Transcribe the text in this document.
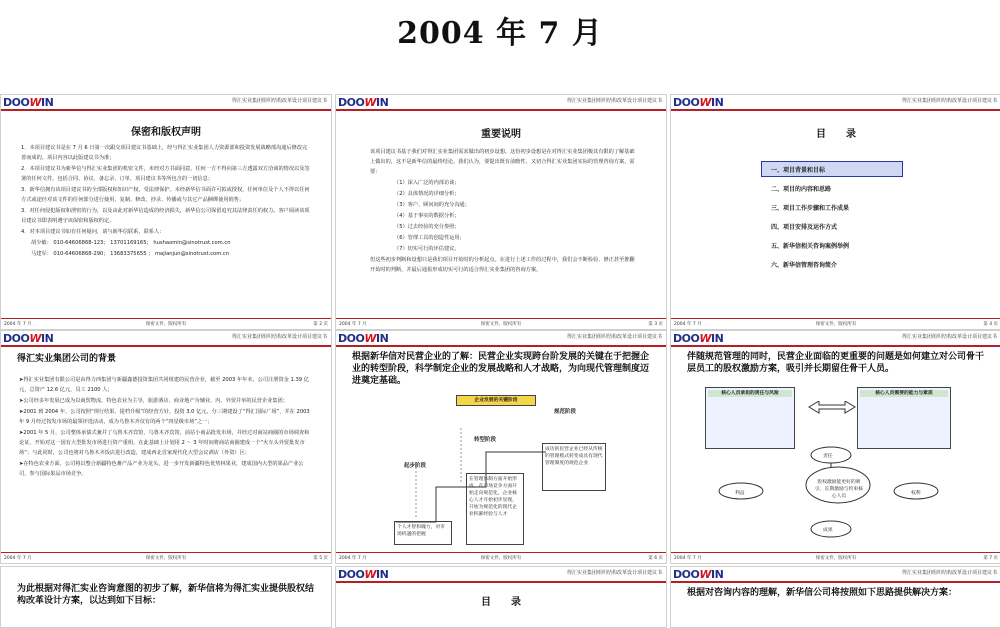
2004 年 7 月
DOOWIN	得汇实业集团组织结构改革设计项目建议书
保密和版权声明

1．本项目建议书是在 7 月 6 日第一次跟交项目建议书基础上，经与得汇实业集团人力资源部和投资发展战略部沟通后修改完善而成的。项目内容以此版建议书为准；

2．本项目建议书为新华信与得汇实业集团的机密文件，未经对方书面同意，任何一方不得向第三方透露双方洽谈的情况以及签署的任何文件，包括合同、协议、备忘录、订单，项目建议书等所包含的一切信息；

3．新华信拥有该项目建议书的全部版权和知识产权，受法律保护。未经新华信书面许可拟或授权，任何单位及个人不得以任何方式或途径对该文件的任何部分进行使用、复制、修改、抄录、传播或与其它产品捆绑使用销售；

3．对任何侵犯版权和泄密的行为，以及由此对新华信造成的经济损失，新华信公司保留追究其法律责任的权力。客户阅读该项目建议书即表明遵守该保密和版权约定。

4．对本项目建议书如有任何疑问，请与新华信联系，联系人：

胡少敏： 010-64606868-123； 13701169165； hushaomin@sinotrust.com.cn

马建军： 010-64606868-290； 13683375655 ； majianjun@sinotrust.com.cn

2004 年 7 月	保密文件，版权所有	第 2 页
DOOWIN	得汇实业集团组织结构改革设计项目建议书
重要说明

该项目建议书基于我们对得汇实业集团需求做出的初步设想。这份初步设想是在对得汇实业集团极其有限的了解基础上做出的，这不是新华信的最终结论。我们认为，要提出既有前瞻性、又切合得汇实业集团实际的管理咨询方案，需要：

（1）深入广泛的内部访谈；

（2）具体情况的详细分析；

（3）客户、顾问间的充分沟通；

（4）基于事实的数据分析；

（5）过去经验的充分参照；

（6）管理工具的创造性运用；

（7）切实可行的评估建议。

但这些初步判断和设想只是我们项目开始时的分析起点。在进行上述工作的过程中，我们会不断检验、修正甚至推翻开始时的判断，并最后通报形成切实可行的适合得汇实业集团的咨询方案。

2004 年 7 月	保密文件，版权所有	第 3 页
DOOWIN	得汇实业集团组织结构改革设计项目建议书
目　　录
一、项目背景和目标
二、项目的内容和思路
三、项目工作步骤和工作成果
四、项目安排及运作方式
五、新华信相关咨询案例举例
六、新华信管理咨询简介
2004 年 7 月	保密文件，版权所有	第 4 页
DOOWIN	得汇实业集团组织结构改革设计项目建议书
得汇实业集团公司的背景

➤得汇实业集团有限公司是由得力西集团与新疆鑫德投资集团共同组建的民营企业，截至 2003 年年末，公司注册资金 1.39 亿元，总资产 12.6 亿元，员工 2100 人；

➤公司经多年发展已成为以商贸物流、特色农业为主导，旅游酒店、商业地产为辅业，内、外贸并举的民营企业集团；

➤2001 到 2004 年，公司按照“规行结果、提档升级”的经营方针，投资 3.0 亿元，分三期建设了“得汇国际广场”，并在 2003 年 9 月经过按发市场的最领评选活动，成为乌鲁木齐仅有的两个“四星级市场”之一；

➤2001 年 5 月，公司整体承债式兼并了乌鲁木齐宾馆，乌鲁木齐宾馆，前站小商品批发市场，并经过对商站商圈的市场调查和论证，开始对这一国有大型批发市场进行资产重组，在此基础上计划用 2 ～ 3 年时间将商站商圈建成一个“火车头外贸批发市场”；与此同时，公司也将对乌鲁木齐饭店进行改造，建成西北首家现代化大型会议酒店（外资）区；

➤在特色农业方面，公司将以整合新疆特色畜产品产业为龙头，进一步开发新疆特色优势林果业，建成国内大型的果品产业公司，参与国际果品市场竞争。

2004 年 7 月	保密文件，版权所有	第 5 页
DOOWIN	得汇实业集团组织结构改革设计项目建议书
根据新华信对民营企业的了解：民营企业实现跨台阶发展的关键在于把握企业的转型阶段，科学制定企业的发展战略和人才战略，为向现代管理制度迈进奠定基础。
企业发展的关键阶段
起步阶段
转型阶段
规范阶段
个人才智和魄力，对市场机遇的把握
在管理体制方面开始形成，在市场竞争方面开始走向规范化，企业核心人才开始初步显现，开始为规范化的现代企业积累经验与人才
成功的民营企业已经从传统的管理模式转变成具有现代管理制度的规范企业
2004 年 7 月	保密文件，版权所有	第 6 页
DOOWIN	得汇实业集团组织结构改革设计项目建议书
伴随规范管理的同时，民营企业面临的更重要的问题是如何建立对公司骨干层员工的股权激励方案，吸引并长期留住骨干人员。
核心人员承担的责任与风险	核心人员需要的能力与素质
股权激励能更好的吸引、长期激励与约束核心人员
责任
利益	权利
成果
2004 年 7 月	保密文件，版权所有	第 7 页
为此根据对得汇实业咨询意图的初步了解，新华信将为得汇实业提供股权结构改革设计方案，以达到如下目标：
DOOWIN	得汇实业集团组织结构改革设计项目建议书
目　　录
DOOWIN	得汇实业集团组织结构改革设计项目建议书
根据对咨询内容的理解，新华信公司将按照如下思路提供解决方案：
